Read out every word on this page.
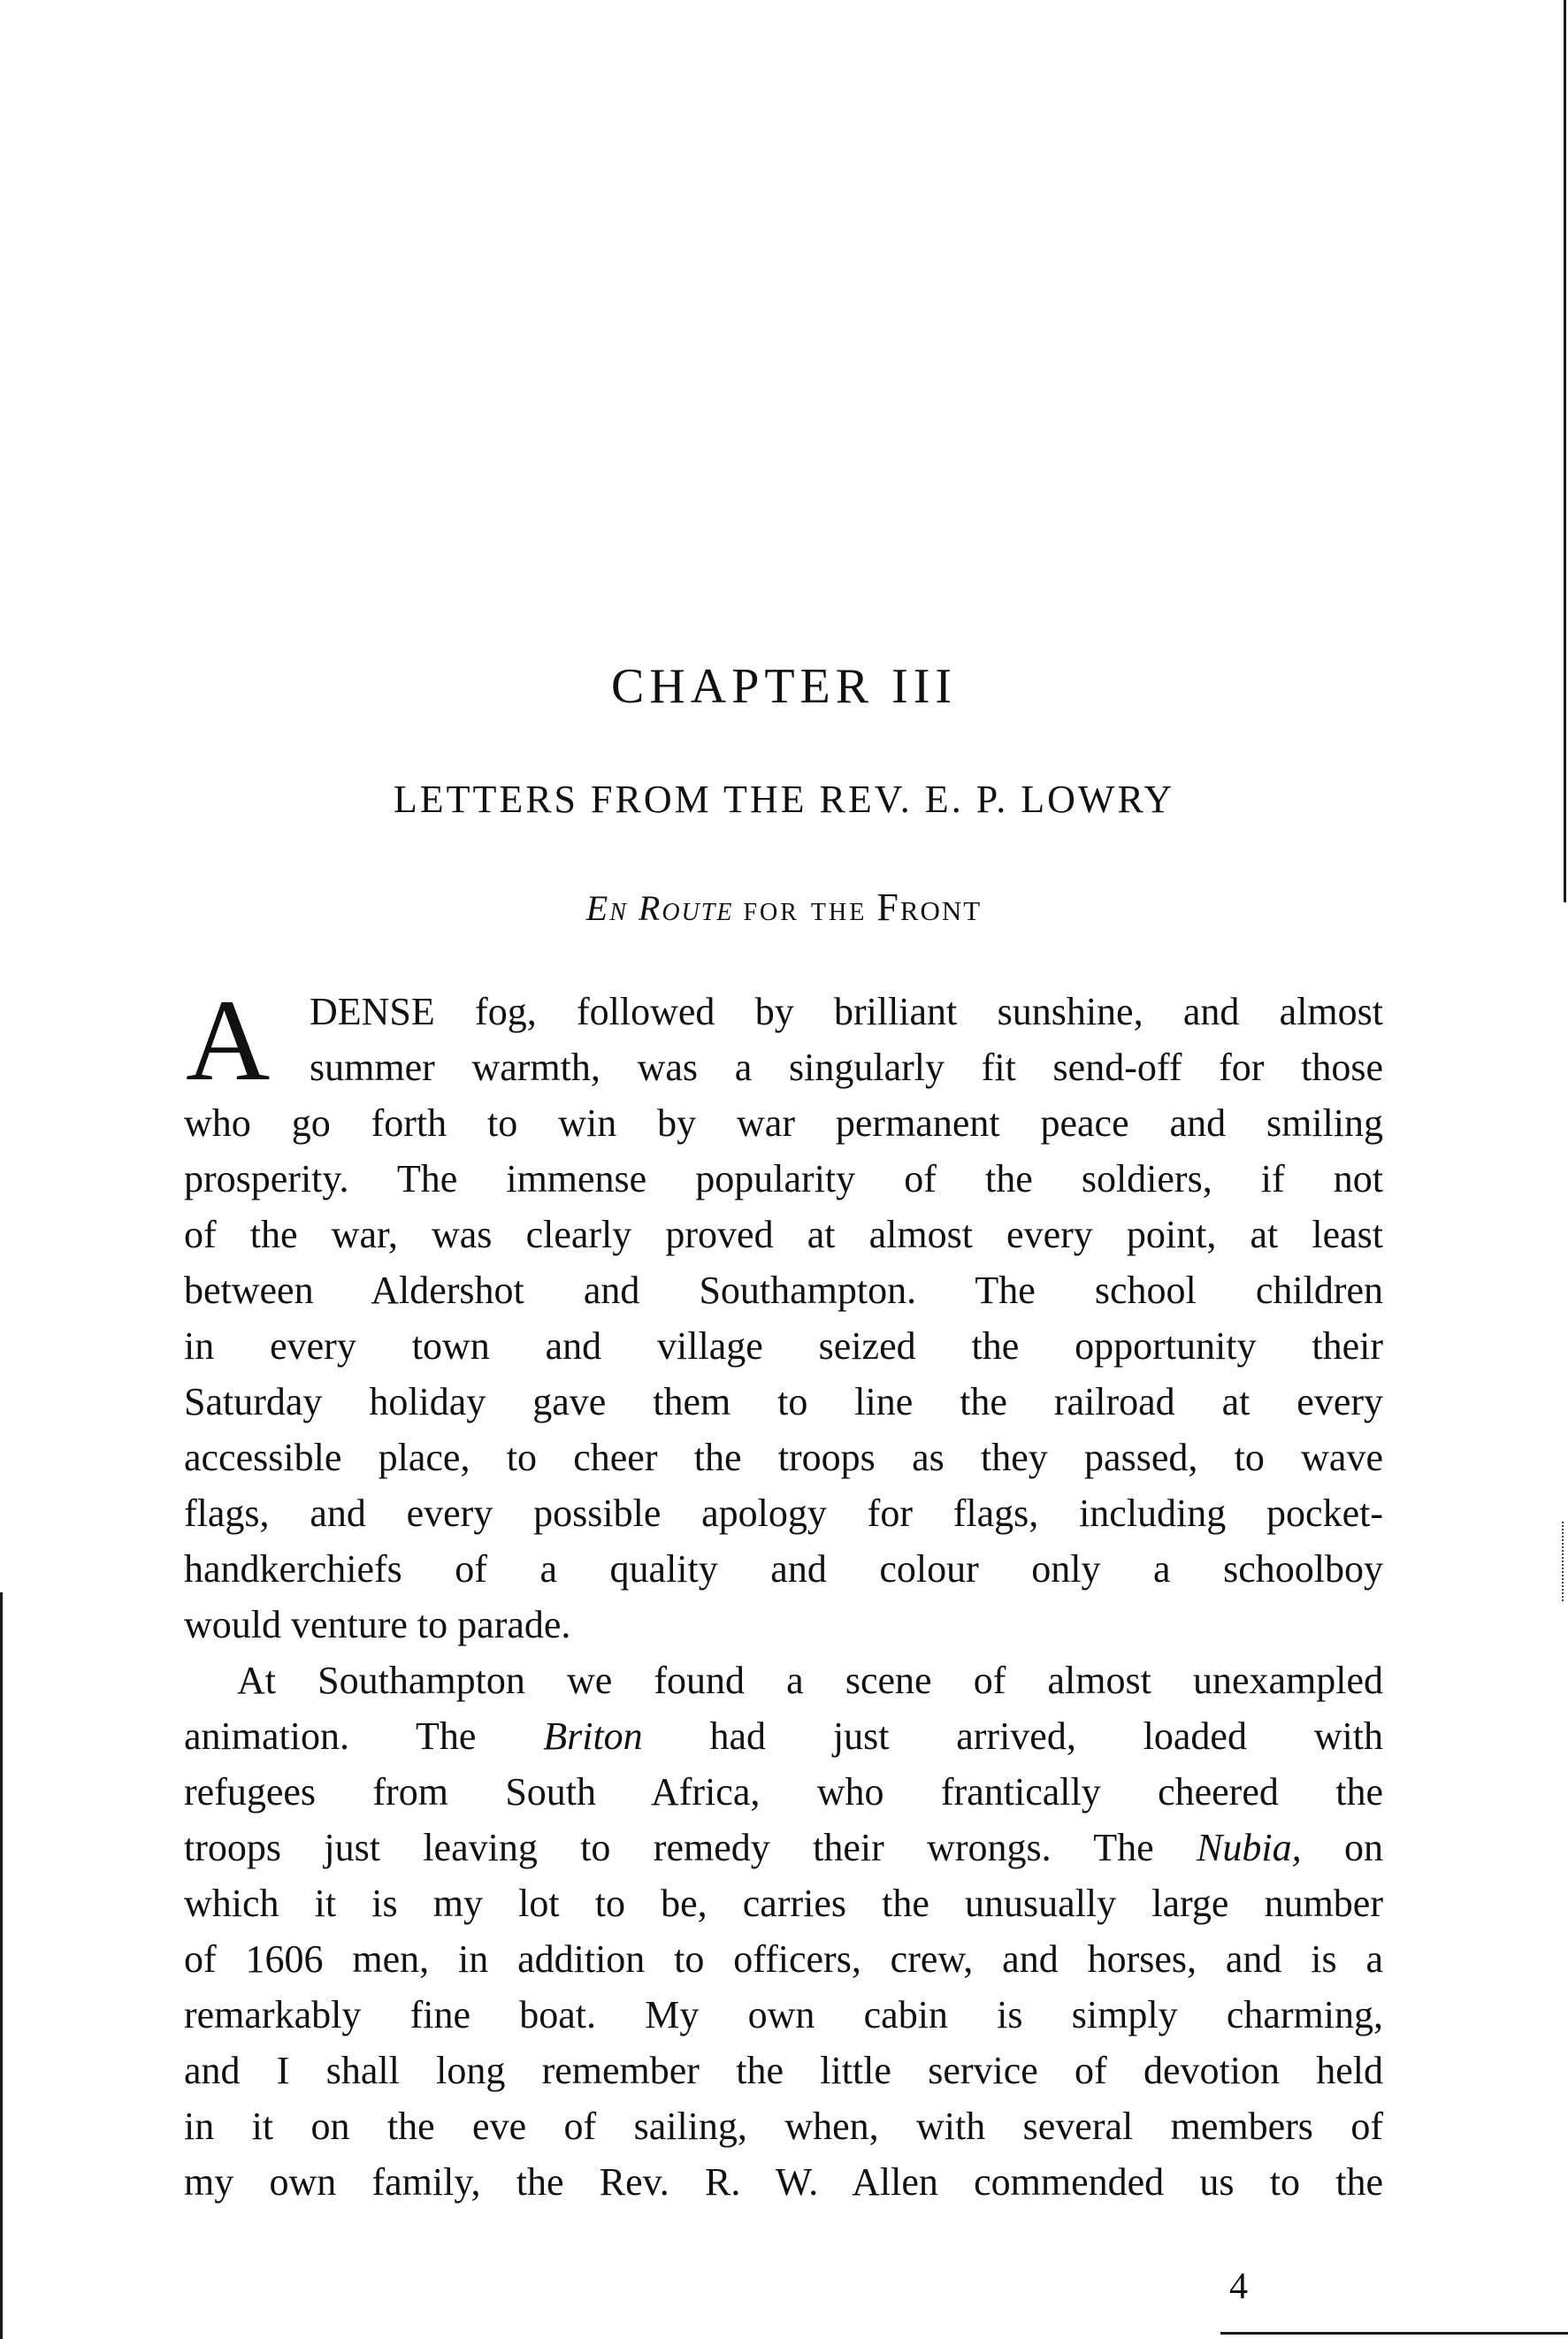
CHAPTER III
LETTERS FROM THE REV. E. P. LOWRY
En Route for the Front
A	DENSE fog, followed by brilliant sunshine, and almost
summer warmth, was a singularly fit send-off for those
who go forth to win by war permanent peace and smiling
prosperity. The immense popularity of the soldiers, if not
of the war, was clearly proved at almost every point, at least
between Aldershot and Southampton. The school children
in every town and village seized the opportunity their
Saturday holiday gave them to line the railroad at every
accessible place, to cheer the troops as they passed, to wave
flags, and every possible apology for flags, including pocket-
handkerchiefs of a quality and colour only a schoolboy
would venture to parade.
At Southampton we found a scene of almost unexampled
animation. The Briton had just arrived, loaded with
refugees from South Africa, who frantically cheered the
troops just leaving to remedy their wrongs. The Nubia, on
which it is my lot to be, carries the unusually large number
of 1606 men, in addition to officers, crew, and horses, and is a
remarkably fine boat. My own cabin is simply charming,
and I shall long remember the little service of devotion held
in it on the eve of sailing, when, with several members of
my own family, the Rev. R. W. Allen commended us to the
4
